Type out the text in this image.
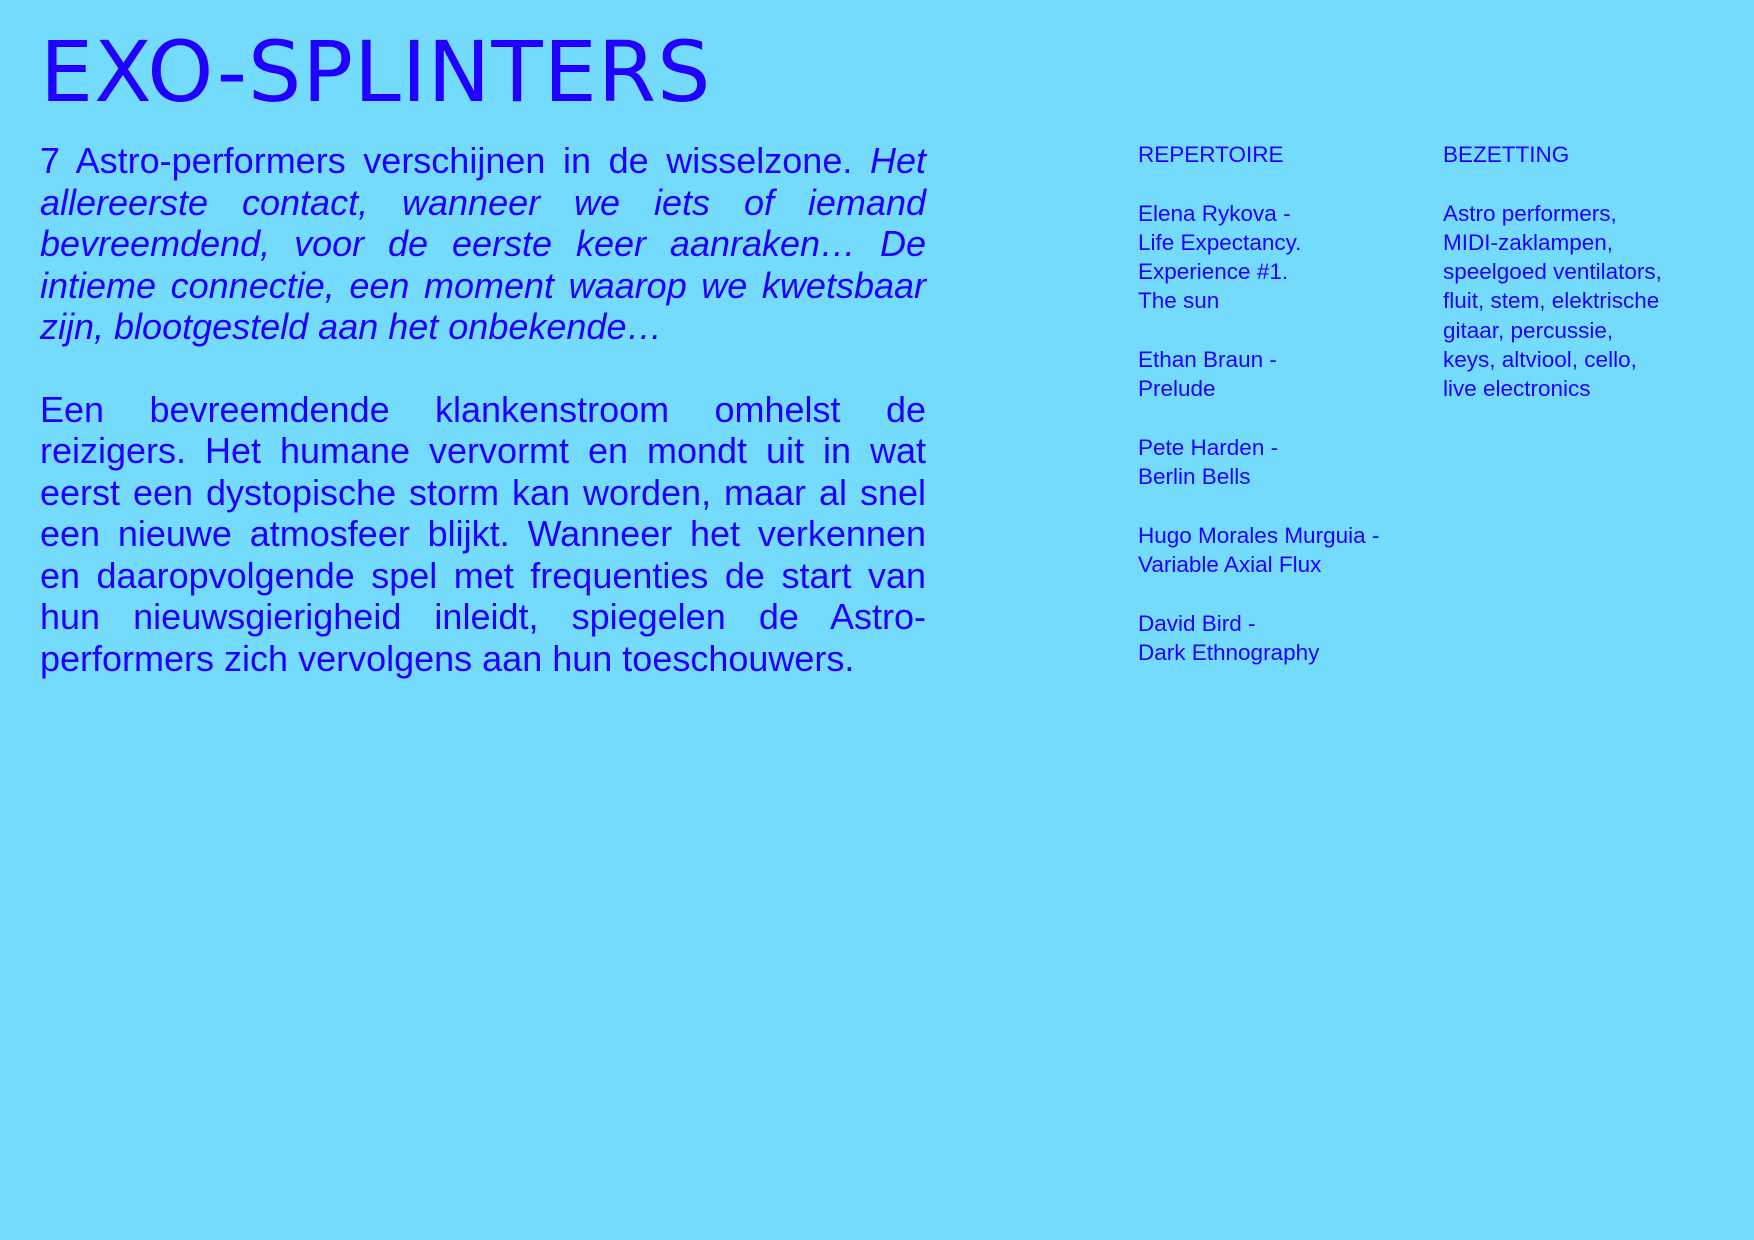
EXO-SPLINTERS

7 Astro-performers verschijnen in de wisselzone. Het allereerste contact, wanneer we iets of iemand bevreemdend, voor de eerste keer aanraken… De intieme connectie, een moment waarop we kwetsbaar zijn, blootgesteld aan het onbekende…

Een bevreemdende klankenstroom omhelst de reizigers. Het humane vervormt en mondt uit in wat eerst een dystopische storm kan worden, maar al snel een nieuwe atmosfeer blijkt. Wanneer het verkennen en daaropvolgende spel met frequenties de start van hun nieuwsgierigheid inleidt, spiegelen de Astro-performers zich vervolgens aan hun toeschouwers.

REPERTOIRE
Elena Rykova -
Life Expectancy.
Experience #1.
The sun
Ethan Braun -
Prelude
Pete Harden -
Berlin Bells
Hugo Morales Murguia -
Variable Axial Flux
David Bird -
Dark Ethnography
BEZETTING
Astro performers,
MIDI-zaklampen,
speelgoed ventilators,
fluit, stem, elektrische
gitaar, percussie,
keys, altviool, cello,
live electronics
